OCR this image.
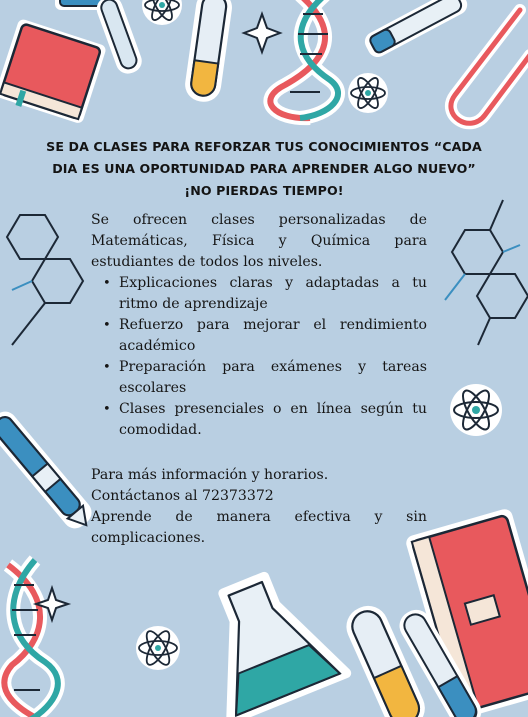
SE DA CLASES PARA REFORZAR TUS CONOCIMIENTOS “CADA
DIA ES UNA OPORTUNIDAD PARA APRENDER ALGO NUEVO”
¡NO PIERDAS TIEMPO!

Se ofrecen clases personalizadas de Matemáticas, Física y Química para estudiantes de todos los niveles.

• Explicaciones claras y adaptadas a tu ritmo de aprendizaje
• Refuerzo para mejorar el rendimiento académico
• Preparación para exámenes y tareas escolares
• Clases presenciales o en línea según tu comodidad.

Para más información y horarios.

Contáctanos al 72373372

Aprende de manera efectiva y sin complicaciones.
